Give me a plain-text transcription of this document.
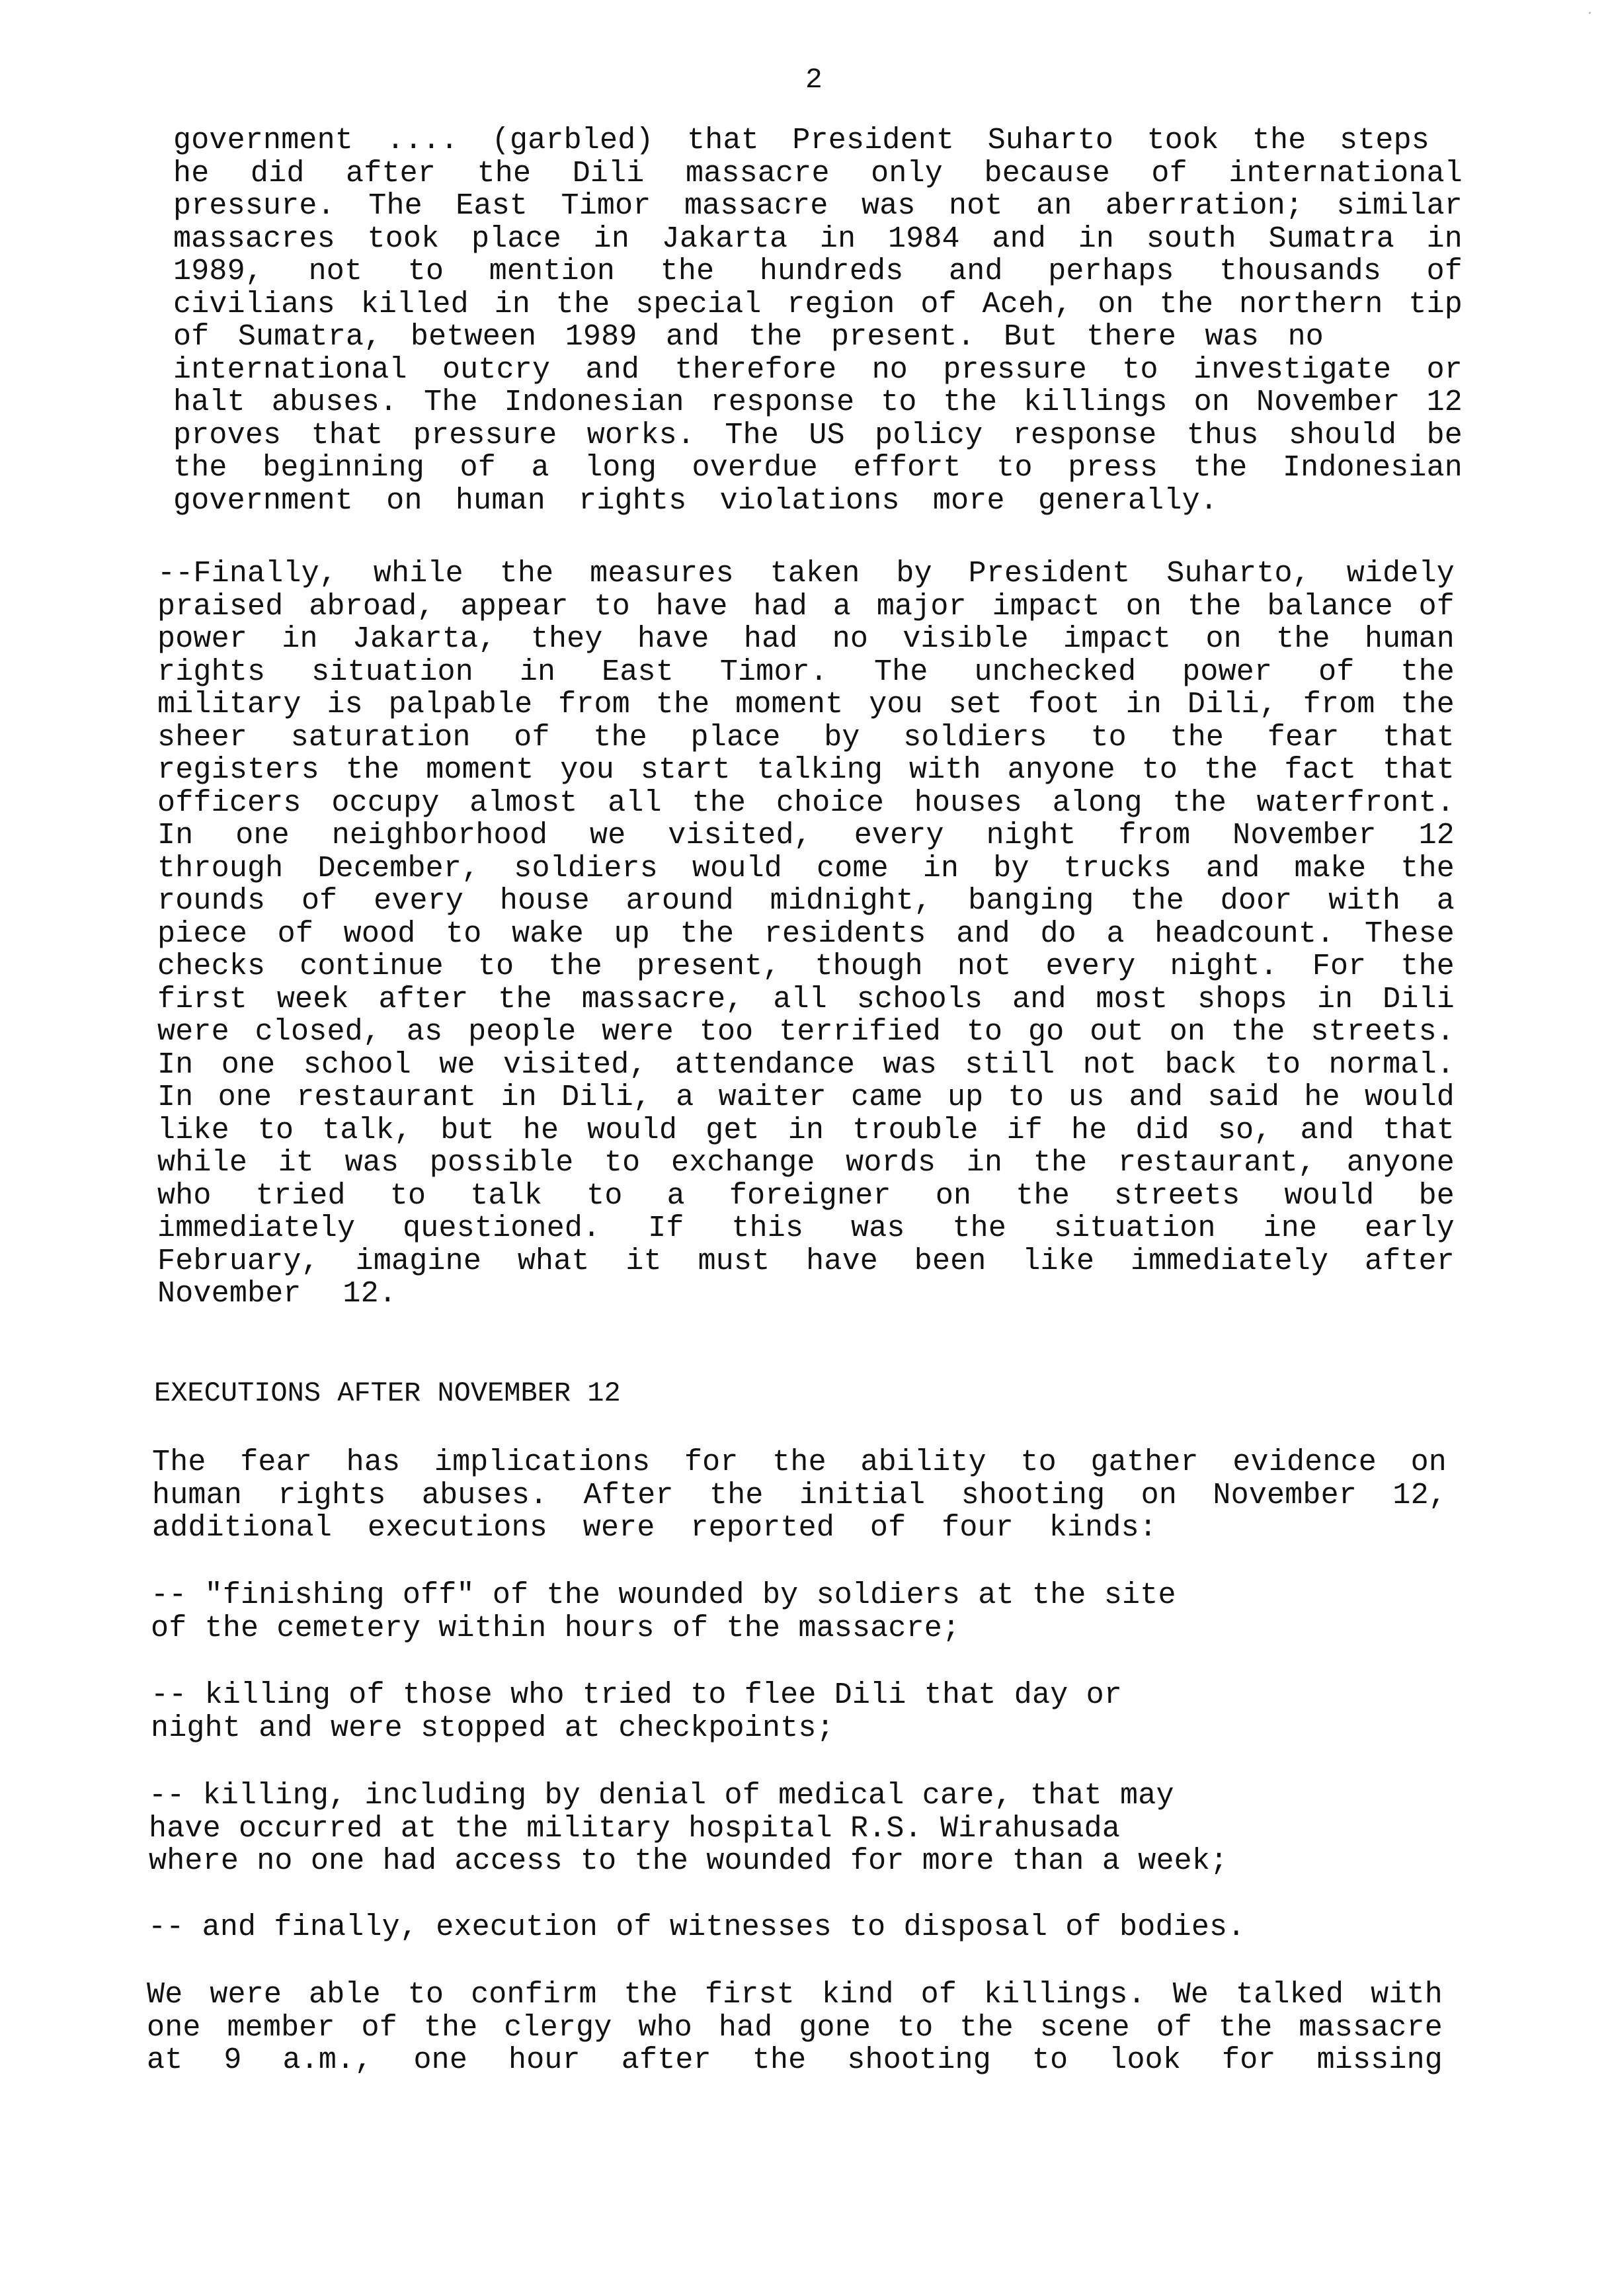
2
government .... (garbled) that President Suharto took the steps
he did after the Dili massacre only because of international
pressure. The East Timor massacre was not an aberration; similar
massacres took place in Jakarta in 1984 and in south Sumatra in
1989, not to mention the hundreds and perhaps thousands of
civilians killed in the special region of Aceh, on the northern tip
of Sumatra, between 1989 and the present. But there was no
international outcry and therefore no pressure to investigate or
halt abuses. The Indonesian response to the killings on November 12
proves that pressure works. The US policy response thus should be
the beginning of a long overdue effort to press the Indonesian
government on human rights violations more generally.
--Finally, while the measures taken by President Suharto, widely
praised abroad, appear to have had a major impact on the balance of
power in Jakarta, they have had no visible impact on the human
rights situation in East Timor. The unchecked power of the
military is palpable from the moment you set foot in Dili, from the
sheer saturation of the place by soldiers to the fear that
registers the moment you start talking with anyone to the fact that
officers occupy almost all the choice houses along the waterfront.
In one neighborhood we visited, every night from November 12
through December, soldiers would come in by trucks and make the
rounds of every house around midnight, banging the door with a
piece of wood to wake up the residents and do a headcount. These
checks continue to the present, though not every night. For the
first week after the massacre, all schools and most shops in Dili
were closed, as people were too terrified to go out on the streets.
In one school we visited, attendance was still not back to normal.
In one restaurant in Dili, a waiter came up to us and said he would
like to talk, but he would get in trouble if he did so, and that
while it was possible to exchange words in the restaurant, anyone
who tried to talk to a foreigner on the streets would be
immediately questioned. If this was the situation ine early
February, imagine what it must have been like immediately after
November 12.
EXECUTIONS AFTER NOVEMBER 12
The fear has implications for the ability to gather evidence on
human rights abuses. After the initial shooting on November 12,
additional executions were reported of four kinds:
-- "finishing off" of the wounded by soldiers at the site
of the cemetery within hours of the massacre;
-- killing of those who tried to flee Dili that day or
night and were stopped at checkpoints;
-- killing, including by denial of medical care, that may
have occurred at the military hospital R.S. Wirahusada
where no one had access to the wounded for more than a week;
-- and finally, execution of witnesses to disposal of bodies.
We were able to confirm the first kind of killings. We talked with
one member of the clergy who had gone to the scene of the massacre
at 9 a.m., one hour after the shooting to look for missing
